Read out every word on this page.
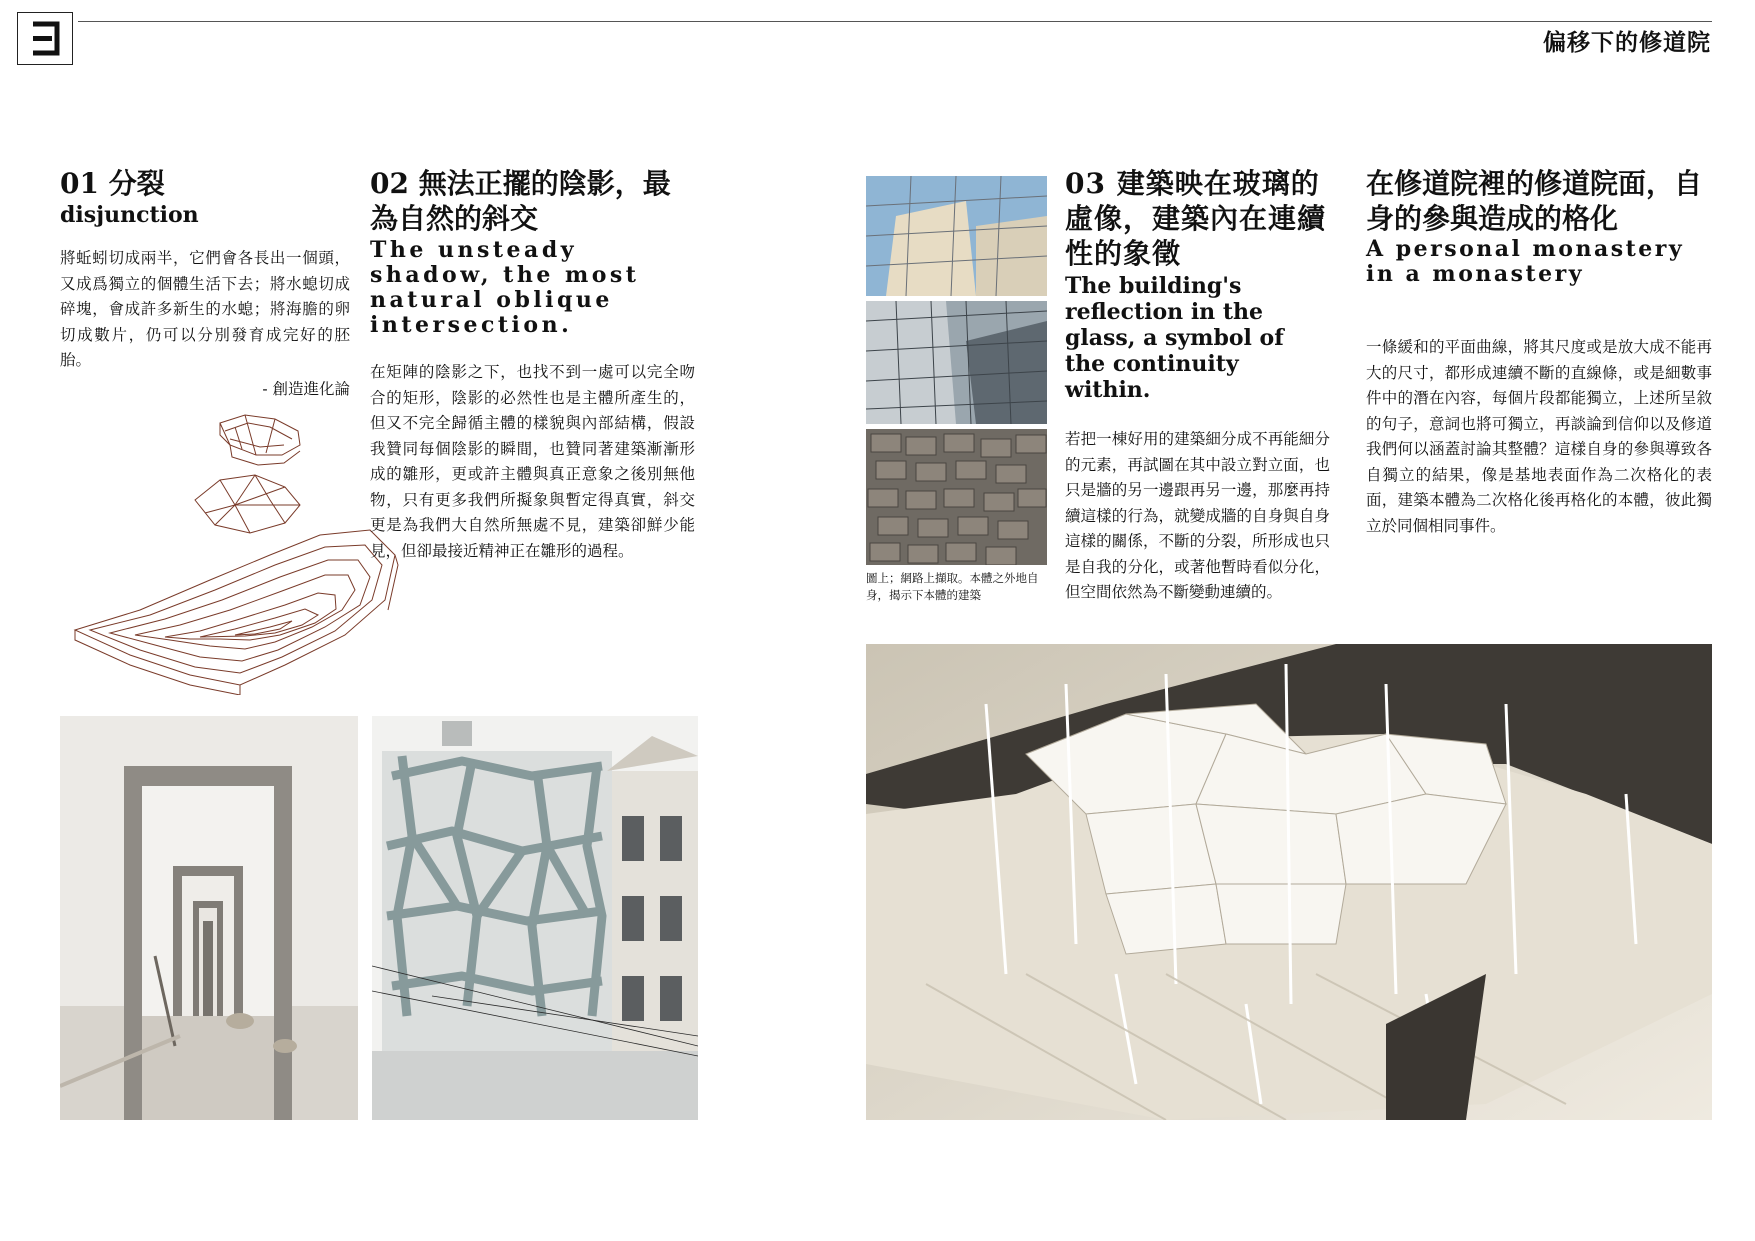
偏移下的修道院
01 分裂
disjunction
將蚯蚓切成兩半，它們會各長出一個頭，又成爲獨立的個體生活下去；將水螅切成碎塊，會成許多新生的水螅；將海膽的卵切成數片，仍可以分別發育成完好的胚胎。
- 創造進化論
02 無法正擺的陰影，最為自然的斜交
The unsteady shadow, the most natural oblique intersection.
在矩陣的陰影之下，也找不到一處可以完全吻合的矩形，陰影的必然性也是主體所產生的，但又不完全歸循主體的樣貌與內部結構，假設我贊同每個陰影的瞬間，也贊同著建築漸漸形成的雛形，更或許主體與真正意象之後別無他物，只有更多我們所擬象與暫定得真實，斜交更是為我們大自然所無處不見，建築卻鮮少能見，但卻最接近精神正在雛形的過程。
圖上；網路上擷取。本體之外地自身，揭示下本體的建築
03 建築映在玻璃的虛像，建築內在連續性的象徵
The building's reflection in the glass, a symbol of the continuity within.
若把一棟好用的建築細分成不再能細分的元素，再試圖在其中設立對立面，也只是牆的另一邊跟再另一邊，那麼再持續這樣的行為，就變成牆的自身與自身這樣的關係，不斷的分裂，所形成也只是自我的分化，或著他暫時看似分化，但空間依然為不斷變動連續的。
在修道院裡的修道院面，自身的參與造成的格化
A personal monastery in a monastery
一條緩和的平面曲線，將其尺度或是放大成不能再大的尺寸，都形成連續不斷的直線條，或是細數事件中的潛在內容，每個片段都能獨立，上述所呈敘的句子，意詞也將可獨立，再談論到信仰以及修道我們何以涵蓋討論其整體？這樣自身的參與導致各自獨立的結果，像是基地表面作為二次格化的表面，建築本體為二次格化後再格化的本體，彼此獨立於同個相同事件。
